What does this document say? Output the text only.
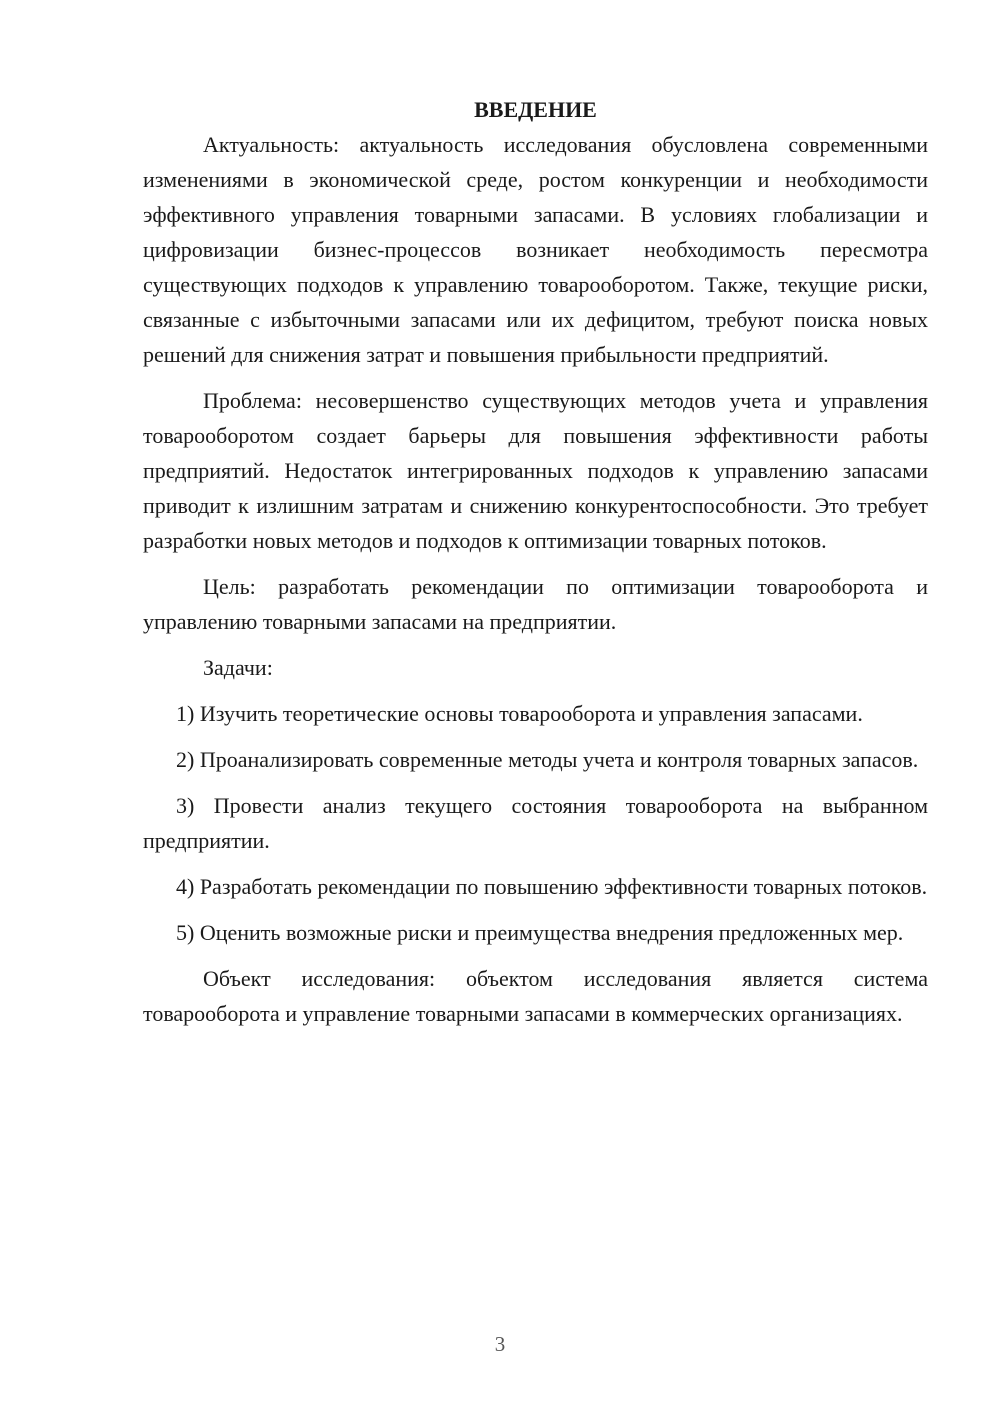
ВВЕДЕНИЕ

Актуальность: актуальность исследования обусловлена современными изменениями в экономической среде, ростом конкуренции и необходимости эффективного управления товарными запасами. В условиях глобализации и цифровизации бизнес-процессов возникает необходимость пересмотра существующих подходов к управлению товарооборотом. Также, текущие риски, связанные с избыточными запасами или их дефицитом, требуют поиска новых решений для снижения затрат и повышения прибыльности предприятий.

Проблема: несовершенство существующих методов учета и управления товарооборотом создает барьеры для повышения эффективности работы предприятий. Недостаток интегрированных подходов к управлению запасами приводит к излишним затратам и снижению конкурентоспособности. Это требует разработки новых методов и подходов к оптимизации товарных потоков.

Цель: разработать рекомендации по оптимизации товарооборота и управлению товарными запасами на предприятии.

Задачи:

1) Изучить теоретические основы товарооборота и управления запасами.

2) Проанализировать современные методы учета и контроля товарных запасов.

3) Провести анализ текущего состояния товарооборота на выбранном предприятии.

4) Разработать рекомендации по повышению эффективности товарных потоков.

5) Оценить возможные риски и преимущества внедрения предложенных мер.

Объект исследования: объектом исследования является система товарооборота и управление товарными запасами в коммерческих организациях.

3
